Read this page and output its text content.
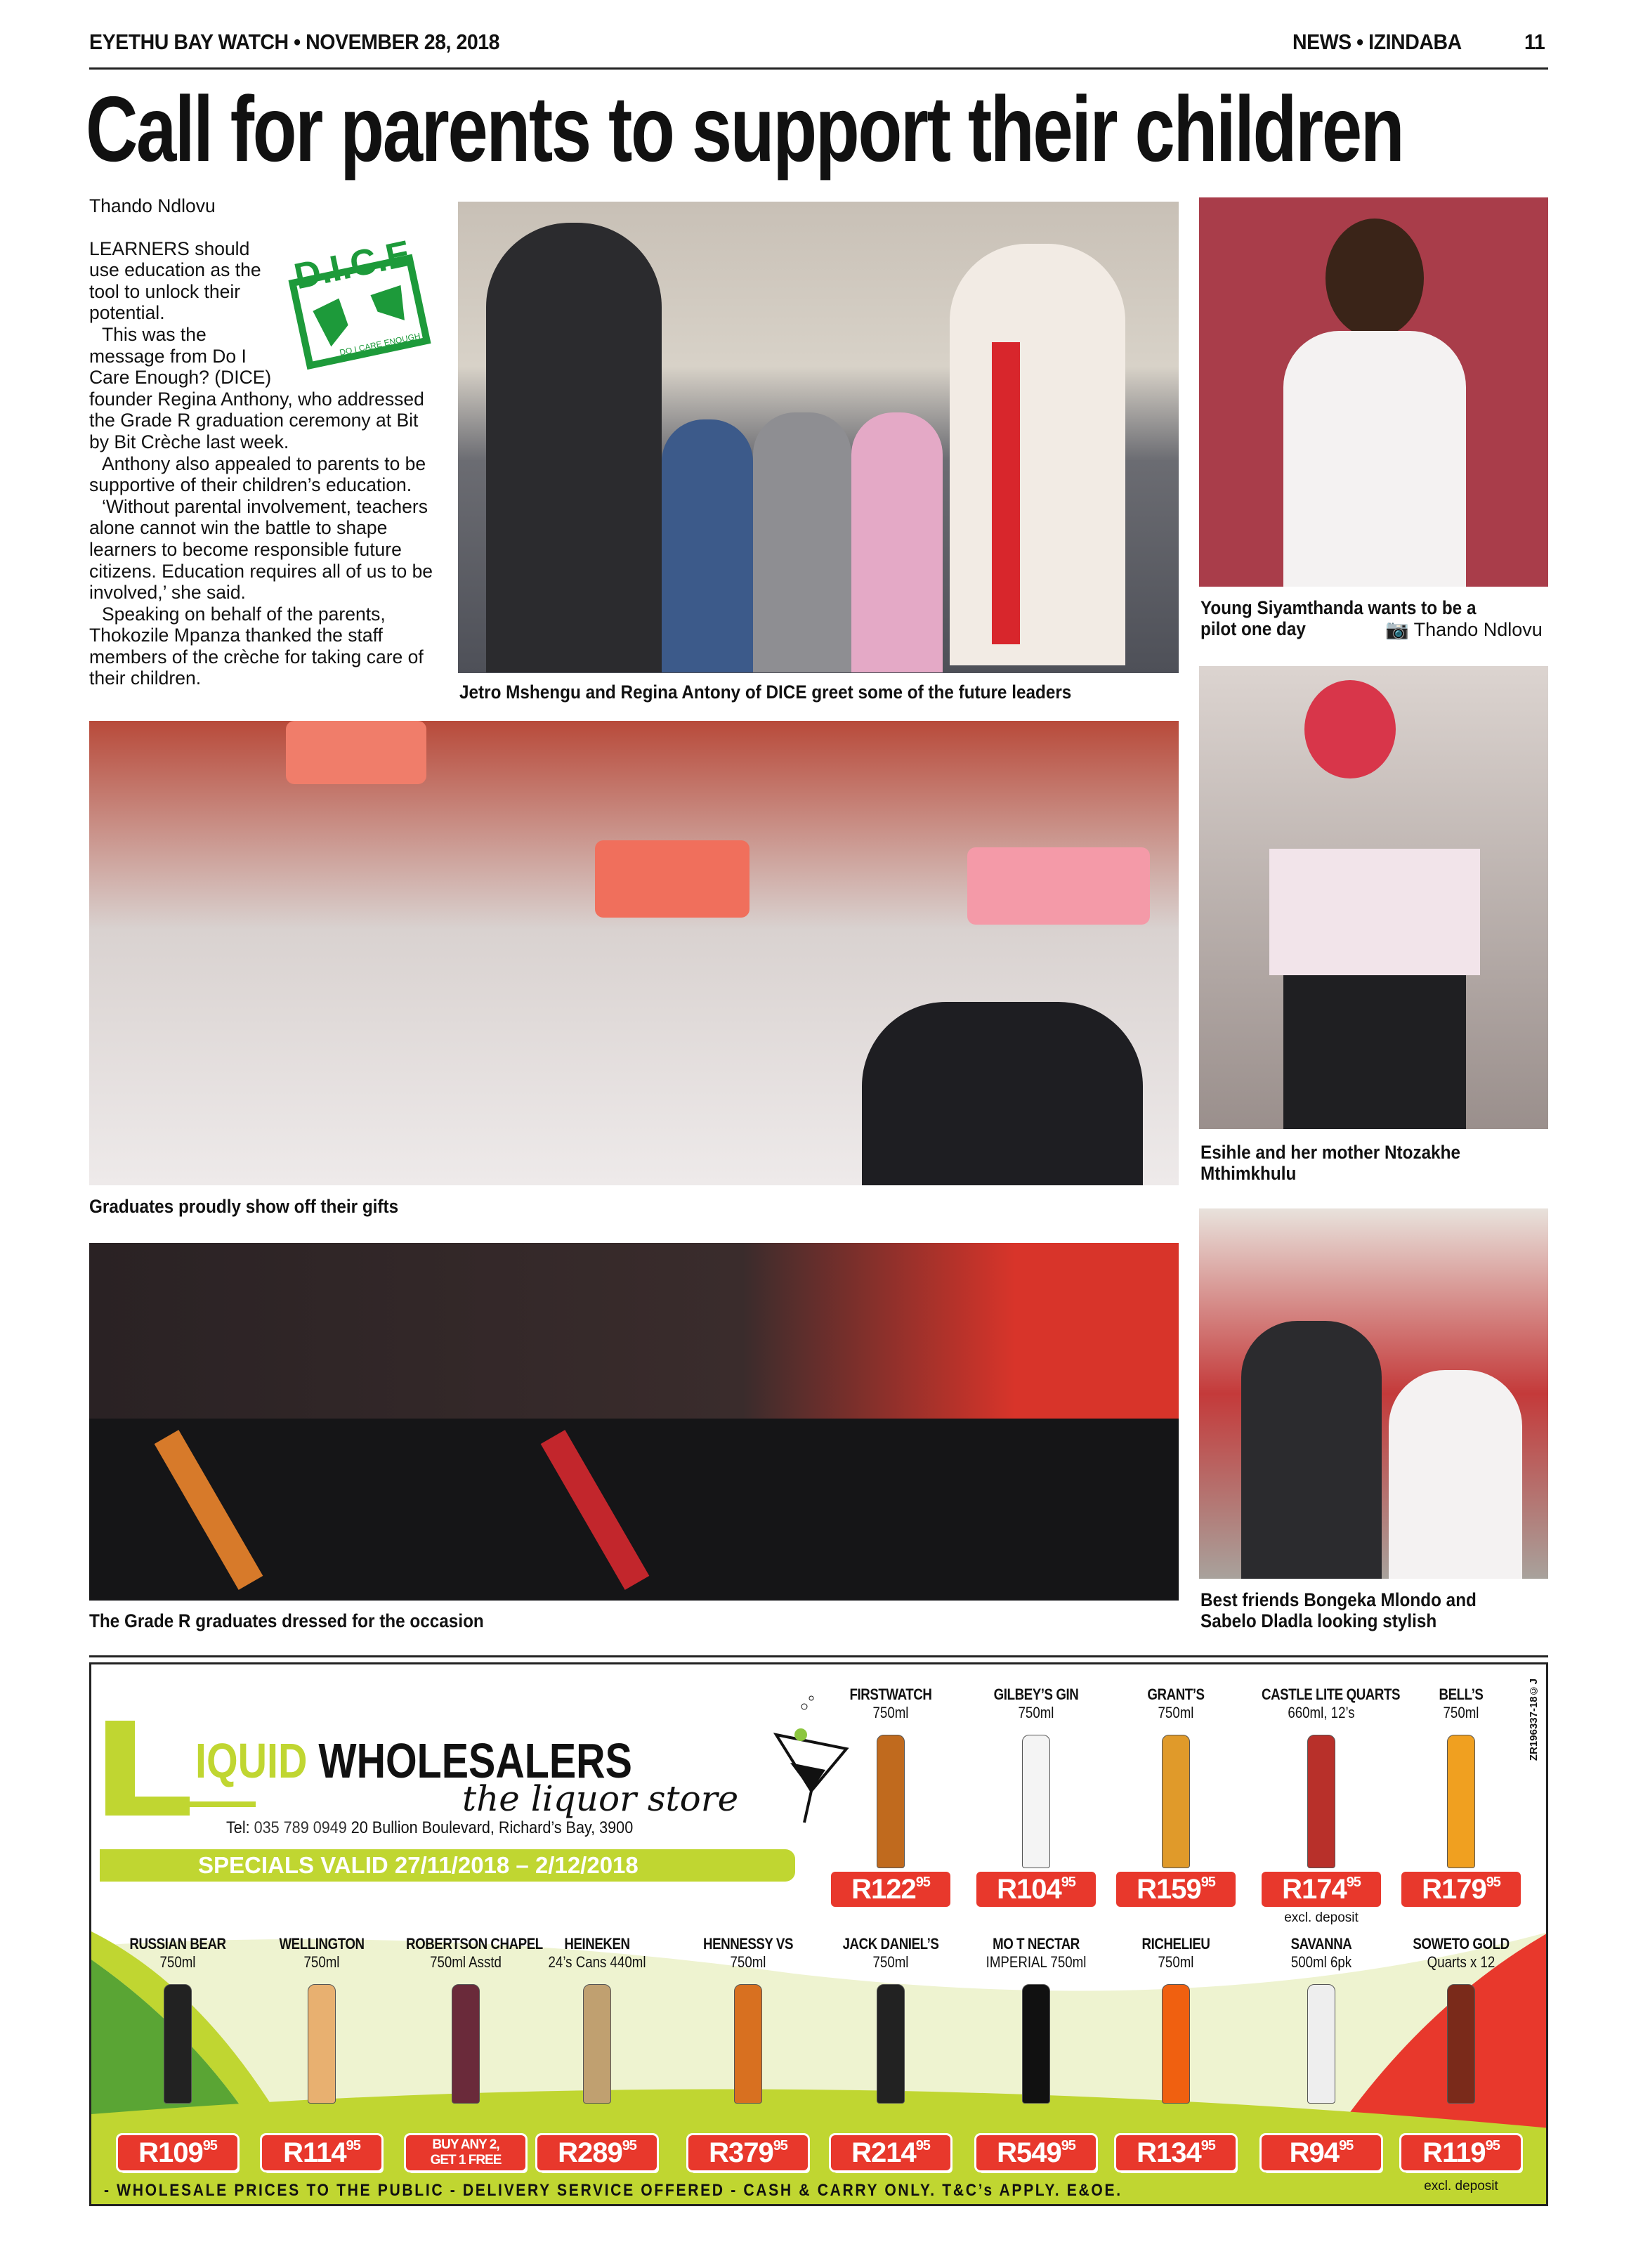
EYETHU BAY WATCH • NOVEMBER 28, 2018	NEWS • IZINDABA	11
Call for parents to support their children

Thando Ndlovu

D.I.C.E
DO I CARE ENOUGH

LEARNERS should use education as the tool to unlock their potential.

This was the message from Do I Care Enough? (DICE) founder Regina Anthony, who addressed the Grade R graduation ceremony at Bit by Bit Crèche last week.

Anthony also appealed to parents to be supportive of their children’s education.

‘Without parental involvement, teachers alone cannot win the battle to shape learners to become responsible future citizens. Education requires all of us to be involved,’ she said.

Speaking on behalf of the parents, Thokozile Mpanza thanked the staff members of the crèche for taking care of their children.

Jetro Mshengu and Regina Antony of DICE greet some of the future leaders
Young Siyamthanda wants to be a
pilot one day	📷 Thando Ndlovu
Graduates proudly show off their gifts
Esihle and her mother Ntozakhe
Mthimkhulu
The Grade R graduates dressed for the occasion
Best friends Bongeka Mlondo and
Sabelo Dladla looking stylish
IQUID WHOLESALERS
the liquor store
Tel: 035 789 0949 20 Bullion Boulevard, Richard’s Bay, 3900
SPECIALS VALID 27/11/2018 – 2/12/2018
ZR196337-18©J
FIRSTWATCH
750ml
$R122^{95}$
GILBEY’S GIN
750ml
$R104^{95}$
GRANT’S
750ml
$R159^{95}$
CASTLE LITE QUARTS
660ml, 12’s
$R174^{95}$
excl. deposit
BELL’S
750ml
$R179^{95}$
RUSSIAN BEAR
750ml
$R109^{95}$
WELLINGTON
750ml
$R114^{95}$
ROBERTSON CHAPEL
750ml Asstd
BUY ANY 2, GET 1 FREE
HEINEKEN
24’s Cans 440ml
$R289^{95}$
HENNESSY VS
750ml
$R379^{95}$
JACK DANIEL’S
750ml
$R214^{95}$
MO T NECTAR
IMPERIAL 750ml
$R549^{95}$
RICHELIEU
750ml
$R134^{95}$
SAVANNA
500ml 6pk
$R94^{95}$
SOWETO GOLD
Quarts x 12
$R119^{95}$
excl. deposit
- WHOLESALE PRICES TO THE PUBLIC - DELIVERY SERVICE OFFERED - CASH & CARRY ONLY. T&C’s APPLY. E&OE.
